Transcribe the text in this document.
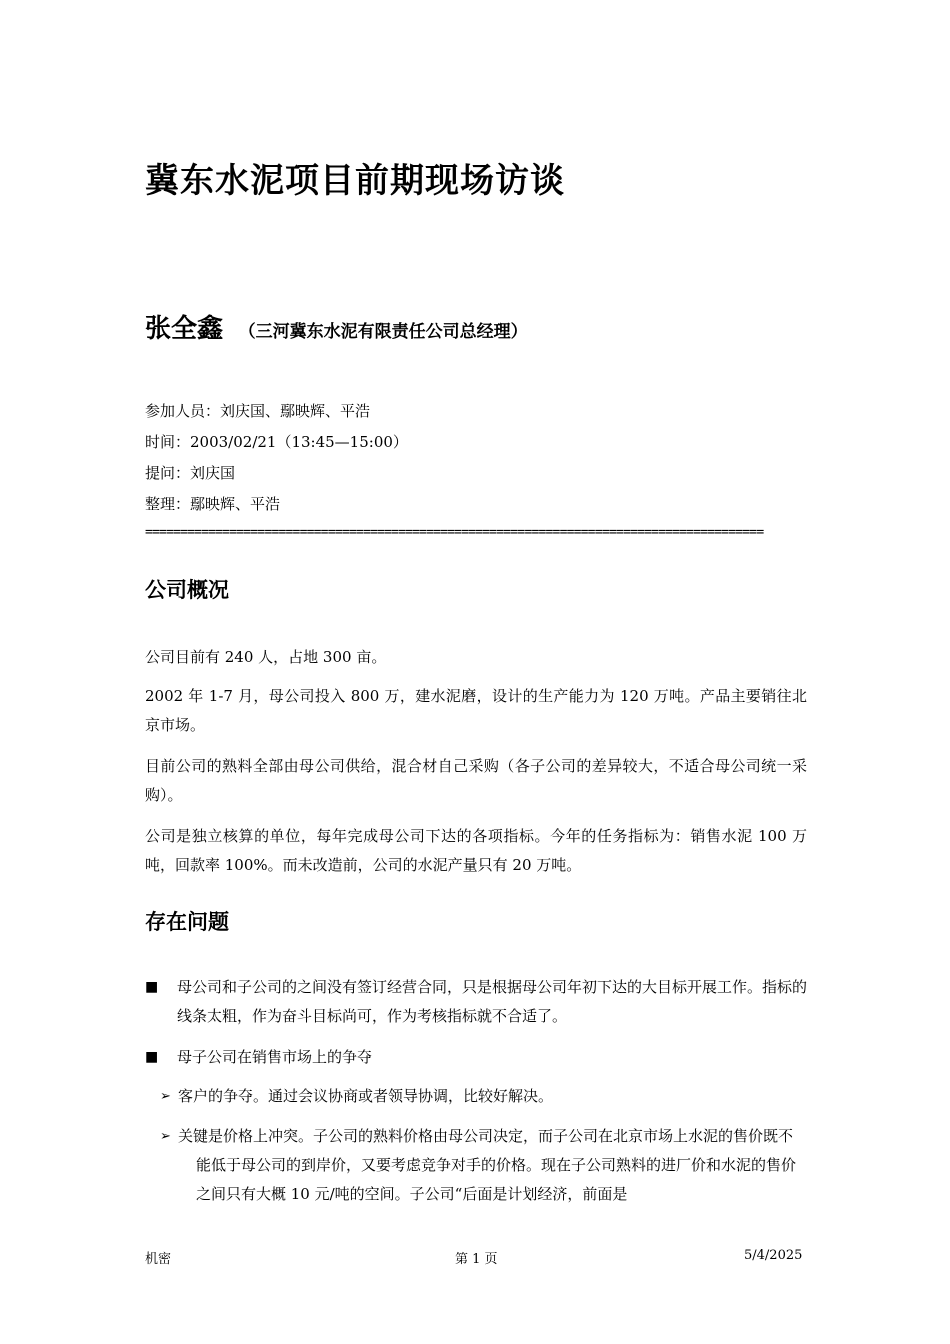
冀东水泥项目前期现场访谈
张全鑫 （三河冀东水泥有限责任公司总经理）
参加人员：刘庆国、鄢映辉、平浩
时间：2003/02/21（13:45—15:00）
提问：刘庆国
整理：鄢映辉、平浩
========================================================================================
公司概况
公司目前有 240 人，占地 300 亩。
2002 年 1-7 月，母公司投入 800 万，建水泥磨，设计的生产能力为 120 万吨。产品主要销往北京市场。
目前公司的熟料全部由母公司供给，混合材自己采购（各子公司的差异较大，不适合母公司统一采购）。
公司是独立核算的单位，每年完成母公司下达的各项指标。今年的任务指标为：销售水泥 100 万吨，回款率 100%。而未改造前，公司的水泥产量只有 20 万吨。
存在问题
■ 母公司和子公司的之间没有签订经营合同，只是根据母公司年初下达的大目标开展工作。指标的线条太粗，作为奋斗目标尚可，作为考核指标就不合适了。
■ 母子公司在销售市场上的争夺
➢ 客户的争夺。通过会议协商或者领导协调，比较好解决。
➢ 关键是价格上冲突。子公司的熟料价格由母公司决定，而子公司在北京市场上水泥的售价既不能低于母公司的到岸价，又要考虑竞争对手的价格。现在子公司熟料的进厂价和水泥的售价之间只有大概 10 元/吨的空间。子公司“后面是计划经济，前面是
机密	第 1 页	5/4/2025
